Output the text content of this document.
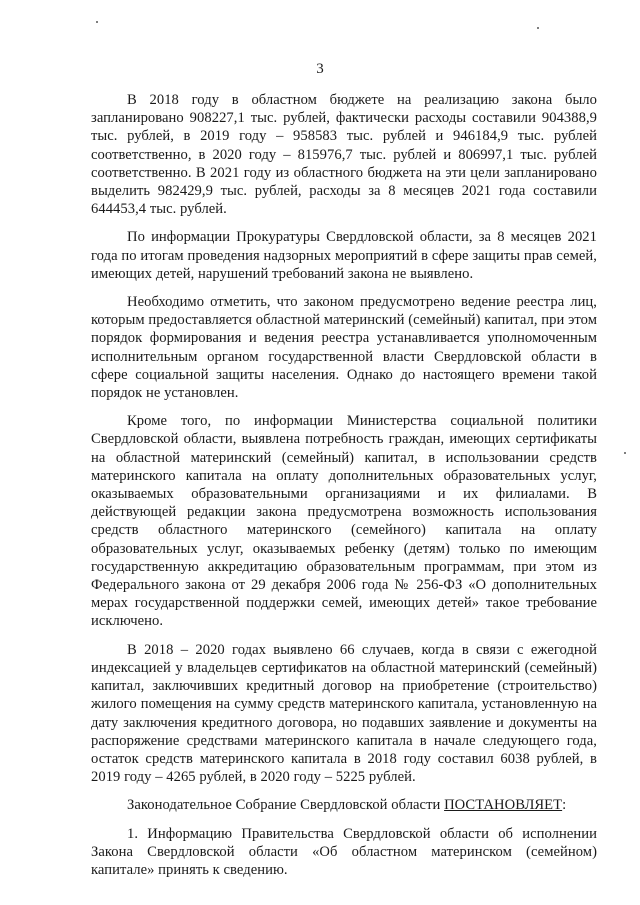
3

В 2018 году в областном бюджете на реализацию закона было запланировано 908227,1 тыс. рублей, фактически расходы составили 904388,9 тыс. рублей, в 2019 году – 958583 тыс. рублей и 946184,9 тыс. рублей соответственно, в 2020 году – 815976,7 тыс. рублей и 806997,1 тыс. рублей соответственно. В 2021 году из областного бюджета на эти цели запланировано выделить 982429,9 тыс. рублей, расходы за 8 месяцев 2021 года составили 644453,4 тыс. рублей.

По информации Прокуратуры Свердловской области, за 8 месяцев 2021 года по итогам проведения надзорных мероприятий в сфере защиты прав семей, имеющих детей, нарушений требований закона не выявлено.

Необходимо отметить, что законом предусмотрено ведение реестра лиц, которым предоставляется областной материнский (семейный) капитал, при этом порядок формирования и ведения реестра устанавливается уполномоченным исполнительным органом государственной власти Свердловской области в сфере социальной защиты населения. Однако до настоящего времени такой порядок не установлен.

Кроме того, по информации Министерства социальной политики Свердловской области, выявлена потребность граждан, имеющих сертификаты на областной материнский (семейный) капитал, в использовании средств материнского капитала на оплату дополнительных образовательных услуг, оказываемых образовательными организациями и их филиалами. В действующей редакции закона предусмотрена возможность использования средств областного материнского (семейного) капитала на оплату образовательных услуг, оказываемых ребенку (детям) только по имеющим государственную аккредитацию образовательным программам, при этом из Федерального закона от 29 декабря 2006 года № 256-ФЗ «О дополнительных мерах государственной поддержки семей, имеющих детей» такое требование исключено.

В 2018 – 2020 годах выявлено 66 случаев, когда в связи с ежегодной индексацией у владельцев сертификатов на областной материнский (семейный) капитал, заключивших кредитный договор на приобретение (строительство) жилого помещения на сумму средств материнского капитала, установленную на дату заключения кредитного договора, но подавших заявление и документы на распоряжение средствами материнского капитала в начале следующего года, остаток средств материнского капитала в 2018 году составил 6038 рублей, в 2019 году – 4265 рублей, в 2020 году – 5225 рублей.

Законодательное Собрание Свердловской области ПОСТАНОВЛЯЕТ:

1. Информацию Правительства Свердловской области об исполнении Закона Свердловской области «Об областном материнском (семейном) капитале» принять к сведению.
